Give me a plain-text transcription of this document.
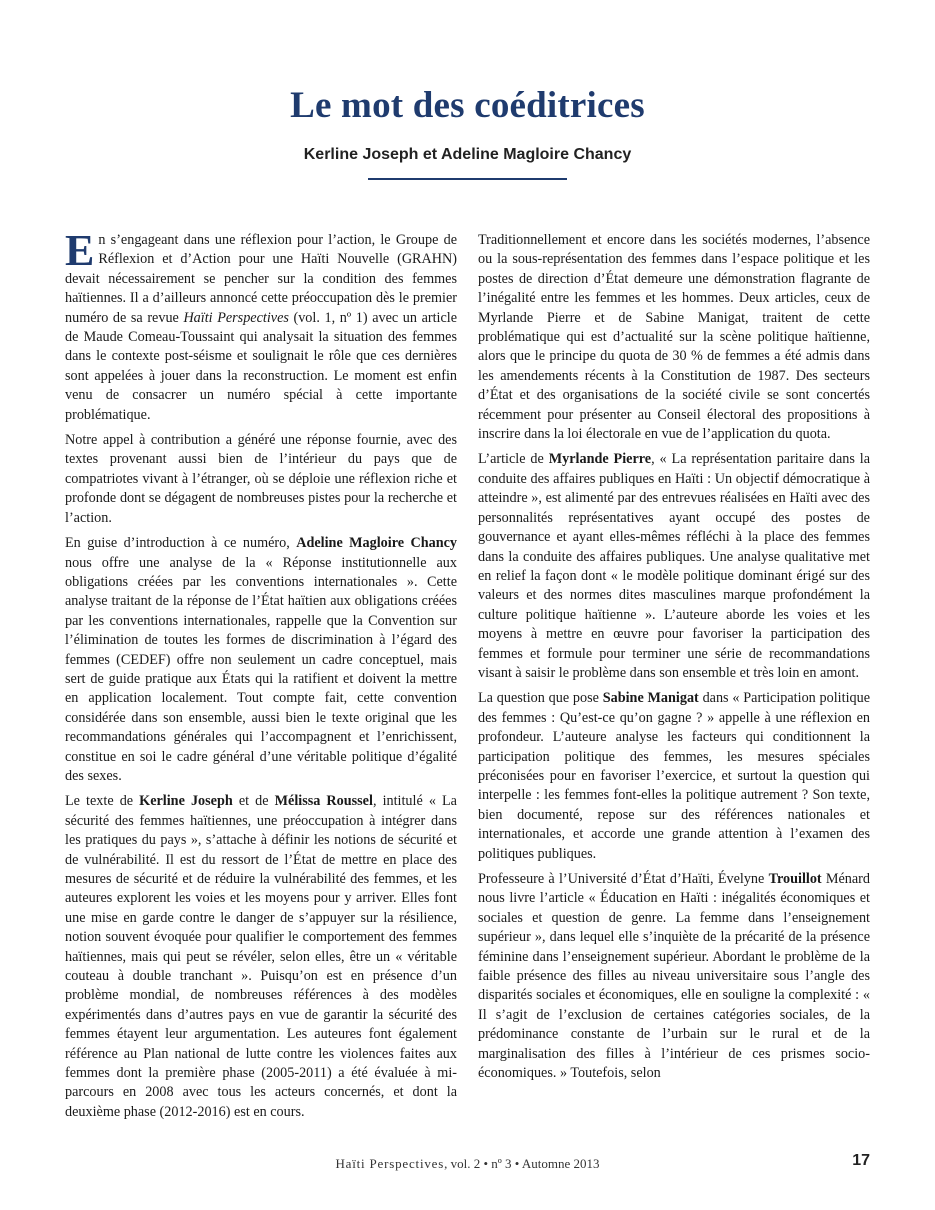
Le mot des coéditrices
Kerline Joseph et Adeline Magloire Chancy

En s’engageant dans une réflexion pour l’action, le Groupe de Réflexion et d’Action pour une Haïti Nouvelle (GRAHN) devait nécessairement se pencher sur la condition des femmes haïtiennes. Il a d’ailleurs annoncé cette préoccupation dès le premier numéro de sa revue Haïti Perspectives (vol. 1, nº 1) avec un article de Maude Comeau-Toussaint qui analysait la situation des femmes dans le contexte post-séisme et soulignait le rôle que ces dernières sont appelées à jouer dans la reconstruction. Le moment est enfin venu de consacrer un numéro spécial à cette importante problématique.

Notre appel à contribution a généré une réponse fournie, avec des textes provenant aussi bien de l’intérieur du pays que de compatriotes vivant à l’étranger, où se déploie une réflexion riche et profonde dont se dégagent de nombreuses pistes pour la recherche et l’action.

En guise d’introduction à ce numéro, Adeline Magloire Chancy nous offre une analyse de la « Réponse institutionnelle aux obligations créées par les conventions internationales ». Cette analyse traitant de la réponse de l’État haïtien aux obligations créées par les conventions internationales, rappelle que la Convention sur l’élimination de toutes les formes de discrimination à l’égard des femmes (CEDEF) offre non seulement un cadre conceptuel, mais sert de guide pratique aux États qui la ratifient et doivent la mettre en application localement. Tout compte fait, cette convention considérée dans son ensemble, aussi bien le texte original que les recommandations générales qui l’accompagnent et l’enrichissent, constitue en soi le cadre général d’une véritable politique d’égalité des sexes.

Le texte de Kerline Joseph et de Mélissa Roussel, intitulé « La sécurité des femmes haïtiennes, une préoccupation à intégrer dans les pratiques du pays », s’attache à définir les notions de sécurité et de vulnérabilité. Il est du ressort de l’État de mettre en place des mesures de sécurité et de réduire la vulnérabilité des femmes, et les auteures explorent les voies et les moyens pour y arriver. Elles font une mise en garde contre le danger de s’appuyer sur la résilience, notion souvent évoquée pour qualifier le comportement des femmes haïtiennes, mais qui peut se révéler, selon elles, être un « véritable couteau à double tranchant ». Puisqu’on est en présence d’un problème mondial, de nombreuses références à des modèles expérimentés dans d’autres pays en vue de garantir la sécurité des femmes étayent leur argumentation. Les auteures font également référence au Plan national de lutte contre les violences faites aux femmes dont la première phase (2005-2011) a été évaluée à mi-parcours en 2008 avec tous les acteurs concernés, et dont la deuxième phase (2012-2016) est en cours.

Traditionnellement et encore dans les sociétés modernes, l’absence ou la sous-représentation des femmes dans l’espace politique et les postes de direction d’État demeure une démonstration flagrante de l’inégalité entre les femmes et les hommes. Deux articles, ceux de Myrlande Pierre et de Sabine Manigat, traitent de cette problématique qui est d’actualité sur la scène politique haïtienne, alors que le principe du quota de 30 % de femmes a été admis dans les amendements récents à la Constitution de 1987. Des secteurs d’État et des organisations de la société civile se sont concertés récemment pour présenter au Conseil électoral des propositions à inscrire dans la loi électorale en vue de l’application du quota.

L’article de Myrlande Pierre, « La représentation paritaire dans la conduite des affaires publiques en Haïti : Un objectif démocratique à atteindre », est alimenté par des entrevues réalisées en Haïti avec des personnalités représentatives ayant occupé des postes de gouvernance et ayant elles-mêmes réfléchi à la place des femmes dans la conduite des affaires publiques. Une analyse qualitative met en relief la façon dont « le modèle politique dominant érigé sur des valeurs et des normes dites masculines marque profondément la culture politique haïtienne ». L’auteure aborde les voies et les moyens à mettre en œuvre pour favoriser la participation des femmes et formule pour terminer une série de recommandations visant à saisir le problème dans son ensemble et très loin en amont.

La question que pose Sabine Manigat dans « Participation politique des femmes : Qu’est-ce qu’on gagne ? » appelle à une réflexion en profondeur. L’auteure analyse les facteurs qui conditionnent la participation politique des femmes, les mesures spéciales préconisées pour en favoriser l’exercice, et surtout la question qui interpelle : les femmes font-elles la politique autrement ? Son texte, bien documenté, repose sur des références nationales et internationales, et accorde une grande attention à l’examen des politiques publiques.

Professeure à l’Université d’État d’Haïti, Évelyne Trouillot Ménard nous livre l’article « Éducation en Haïti : inégalités économiques et sociales et question de genre. La femme dans l’enseignement supérieur », dans lequel elle s’inquiète de la précarité de la présence féminine dans l’enseignement supérieur. Abordant le problème de la faible présence des filles au niveau universitaire sous l’angle des disparités sociales et économiques, elle en souligne la complexité : « Il s’agit de l’exclusion de certaines catégories sociales, de la prédominance constante de l’urbain sur le rural et de la marginalisation des filles à l’intérieur de ces prismes socio-économiques. » Toutefois, selon

Haïti Perspectives, vol. 2 • nº 3 • Automne 2013	17
